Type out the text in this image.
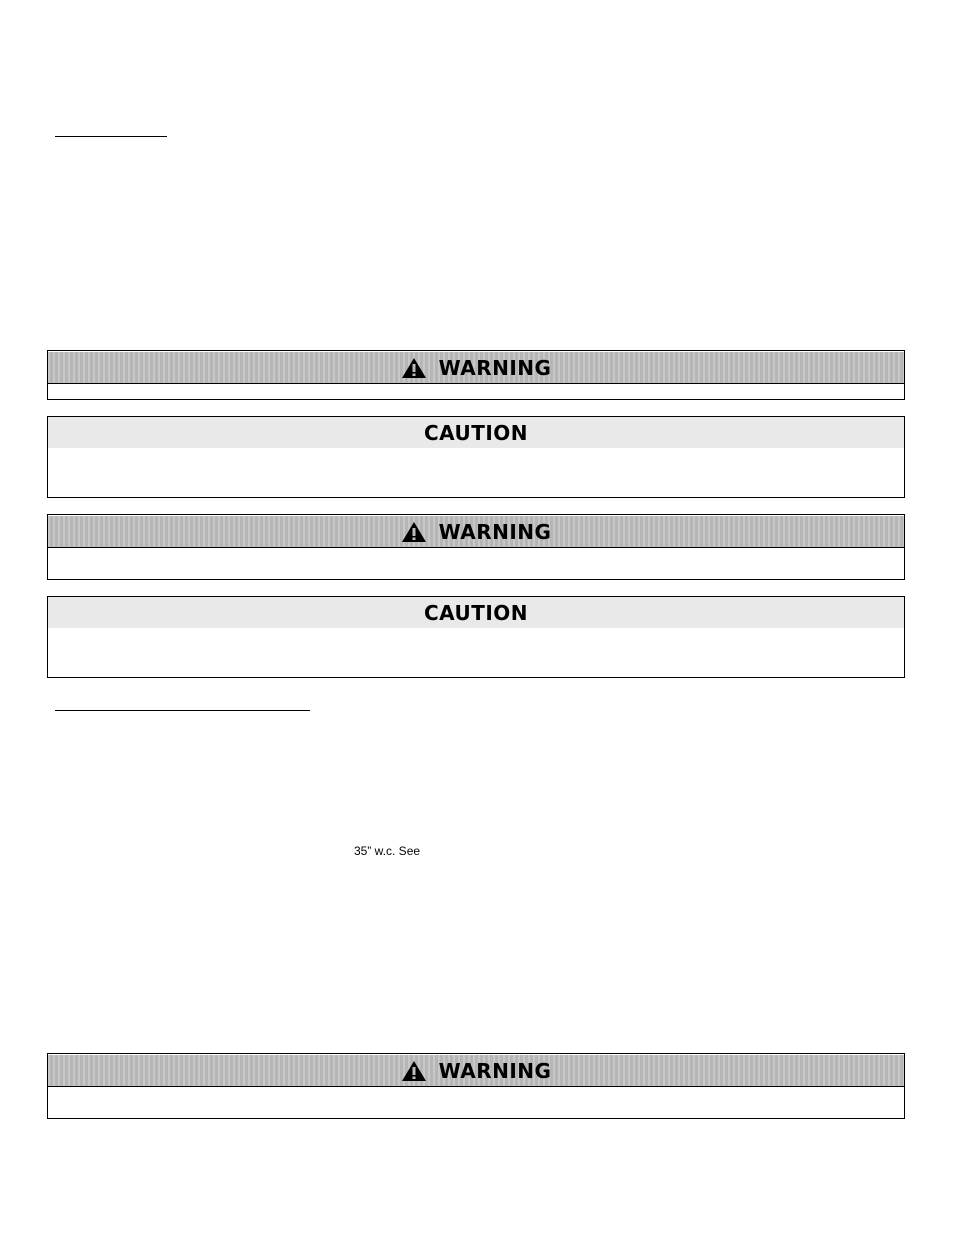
WARNING
CAUTION
WARNING
CAUTION
35” w.c. See
WARNING
